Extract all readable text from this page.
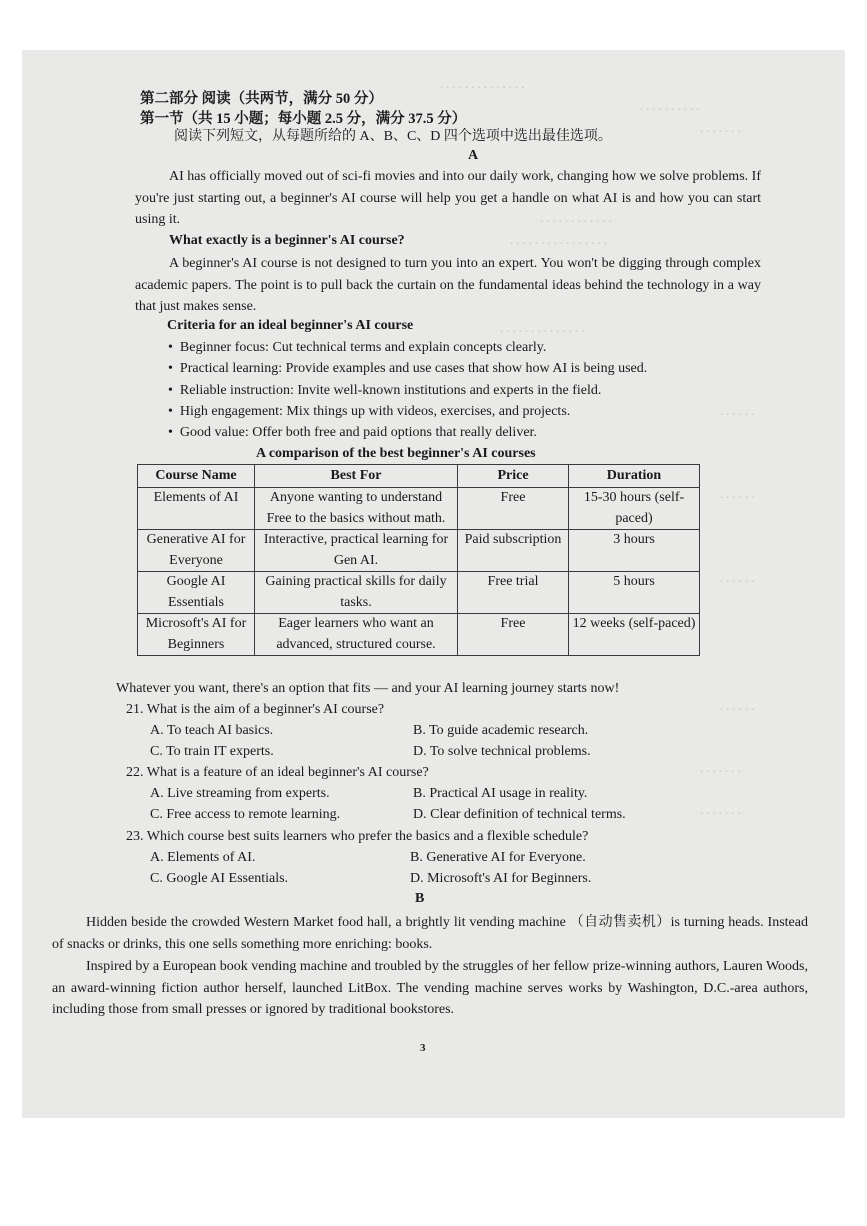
. . . . . . . . . . . . . .
. . . . . . . . . .
. . . . . . .
. . . . . . . . . . . .
. . . . . . . . . . . . . . . .
. . . . . . . . . . . . . .
. . . . . .
. . . . . .
. . . . . .
. . . . . .
. . . . . . .
. . . . . . .
第二部分 阅读（共两节，满分 50 分）
第一节（共 15 小题；每小题 2.5 分，满分 37.5 分）
阅读下列短文，从每题所给的 A、B、C、D 四个选项中选出最佳选项。
A
AI has officially moved out of sci-fi movies and into our daily work, changing how we solve problems. If you're just starting out, a beginner's AI course will help you get a handle on what AI is and how you can start using it.
What exactly is a beginner's AI course?
A beginner's AI course is not designed to turn you into an expert. You won't be digging through complex academic papers. The point is to pull back the curtain on the fundamental ideas behind the technology in a way that just makes sense.
Criteria for an ideal beginner's AI course
• Beginner focus: Cut technical terms and explain concepts clearly.
• Practical learning: Provide examples and use cases that show how AI is being used.
• Reliable instruction: Invite well-known institutions and experts in the field.
• High engagement: Mix things up with videos, exercises, and projects.
• Good value: Offer both free and paid options that really deliver.
A comparison of the best beginner's AI courses
Course Name	Best For	Price	Duration
Elements of AI	Anyone wanting to understand Free to the basics without math.	Free	15-30 hours (self-paced)
Generative AI for Everyone	Interactive, practical learning for Gen AI.	Paid subscription	3 hours
Google AI Essentials	Gaining practical skills for daily tasks.	Free trial	5 hours
Microsoft's AI for Beginners	Eager learners who want an advanced, structured course.	Free	12 weeks (self-paced)
Whatever you want, there's an option that fits — and your AI learning journey starts now!
21. What is the aim of a beginner's AI course?
A. To teach AI basics.	B. To guide academic research.
C. To train IT experts.	D. To solve technical problems.
22. What is a feature of an ideal beginner's AI course?
A. Live streaming from experts.	B. Practical AI usage in reality.
C. Free access to remote learning.	D. Clear definition of technical terms.
23. Which course best suits learners who prefer the basics and a flexible schedule?
A. Elements of AI.	B. Generative AI for Everyone.
C. Google AI Essentials.	D. Microsoft's AI for Beginners.
B
Hidden beside the crowded Western Market food hall, a brightly lit vending machine （自动售卖机）is turning heads. Instead of snacks or drinks, this one sells something more enriching: books.
Inspired by a European book vending machine and troubled by the struggles of her fellow prize-winning authors, Lauren Woods, an award-winning fiction author herself, launched LitBox. The vending machine serves works by Washington, D.C.-area authors, including those from small presses or ignored by traditional bookstores.
3
